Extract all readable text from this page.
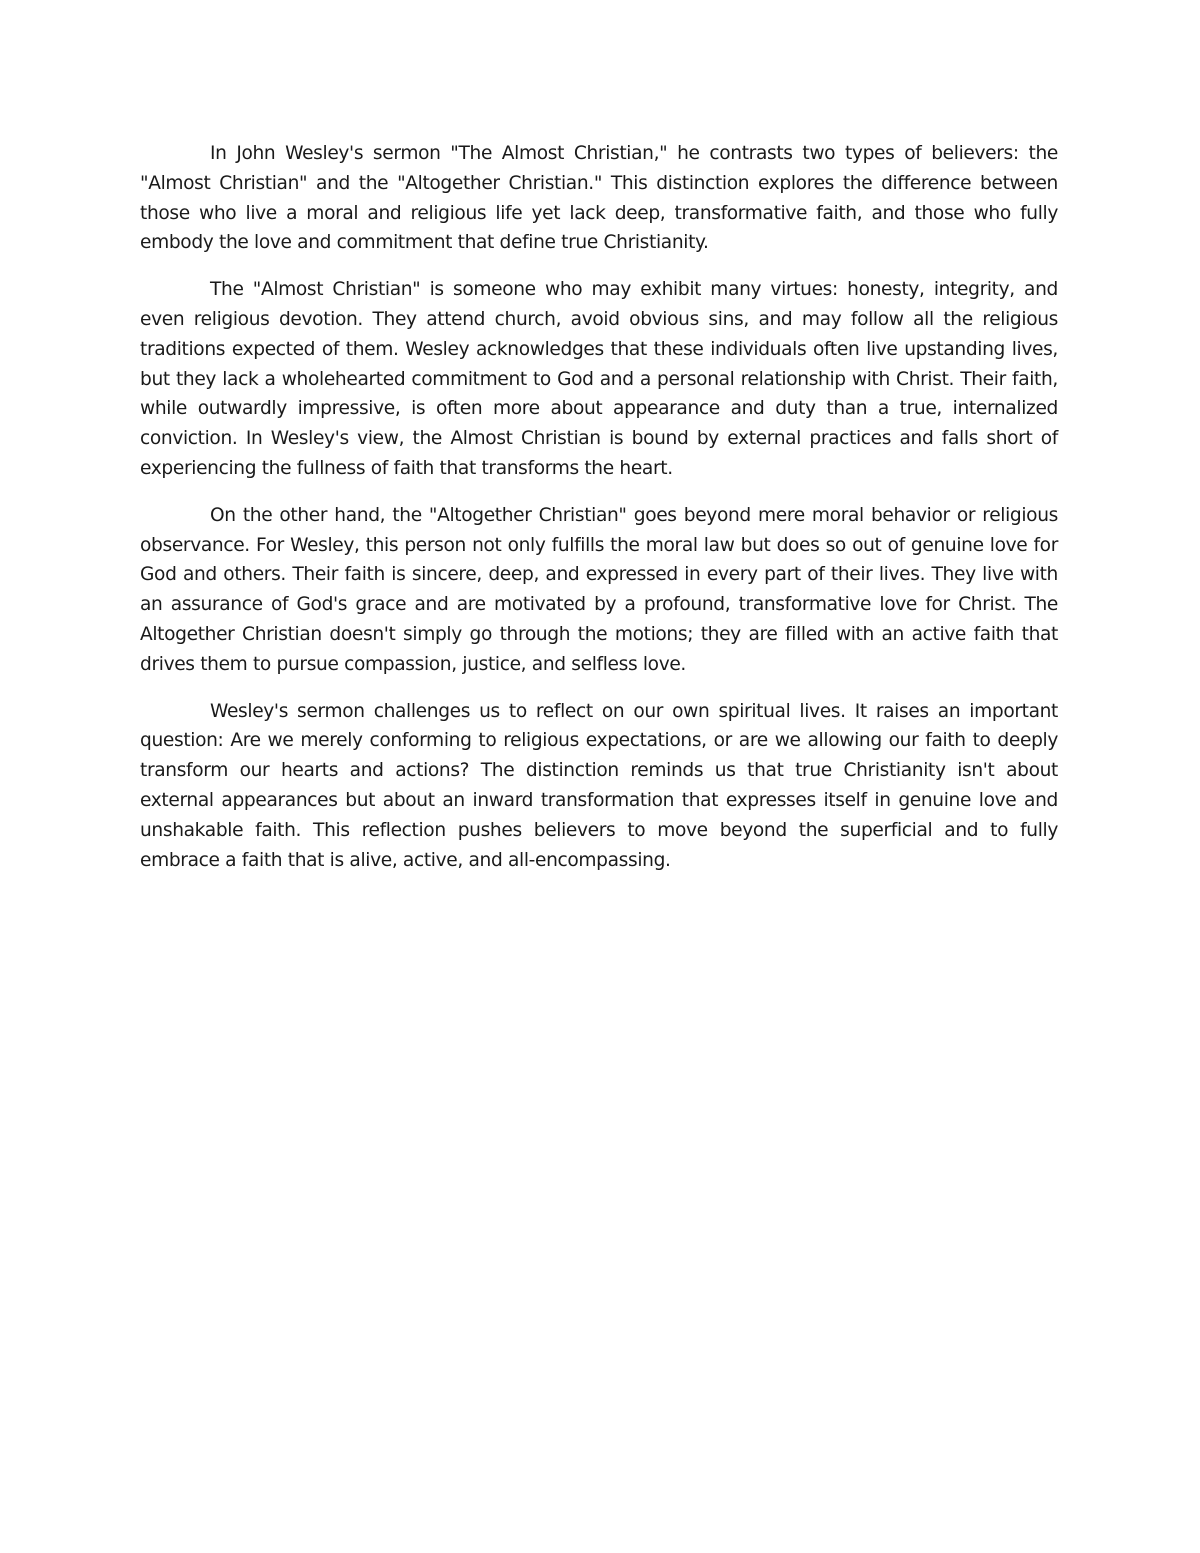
In John Wesley's sermon "The Almost Christian," he contrasts two types of believers: the "Almost Christian" and the "Altogether Christian." This distinction explores the difference between those who live a moral and religious life yet lack deep, transformative faith, and those who fully embody the love and commitment that define true Christianity.

The "Almost Christian" is someone who may exhibit many virtues: honesty, integrity, and even religious devotion. They attend church, avoid obvious sins, and may follow all the religious traditions expected of them. Wesley acknowledges that these individuals often live upstanding lives, but they lack a wholehearted commitment to God and a personal relationship with Christ. Their faith, while outwardly impressive, is often more about appearance and duty than a true, internalized conviction. In Wesley's view, the Almost Christian is bound by external practices and falls short of experiencing the fullness of faith that transforms the heart.

On the other hand, the "Altogether Christian" goes beyond mere moral behavior or religious observance. For Wesley, this person not only fulfills the moral law but does so out of genuine love for God and others. Their faith is sincere, deep, and expressed in every part of their lives. They live with an assurance of God's grace and are motivated by a profound, transformative love for Christ. The Altogether Christian doesn't simply go through the motions; they are filled with an active faith that drives them to pursue compassion, justice, and selfless love.

Wesley's sermon challenges us to reflect on our own spiritual lives. It raises an important question: Are we merely conforming to religious expectations, or are we allowing our faith to deeply transform our hearts and actions? The distinction reminds us that true Christianity isn't about external appearances but about an inward transformation that expresses itself in genuine love and unshakable faith. This reflection pushes believers to move beyond the superficial and to fully embrace a faith that is alive, active, and all-encompassing.
